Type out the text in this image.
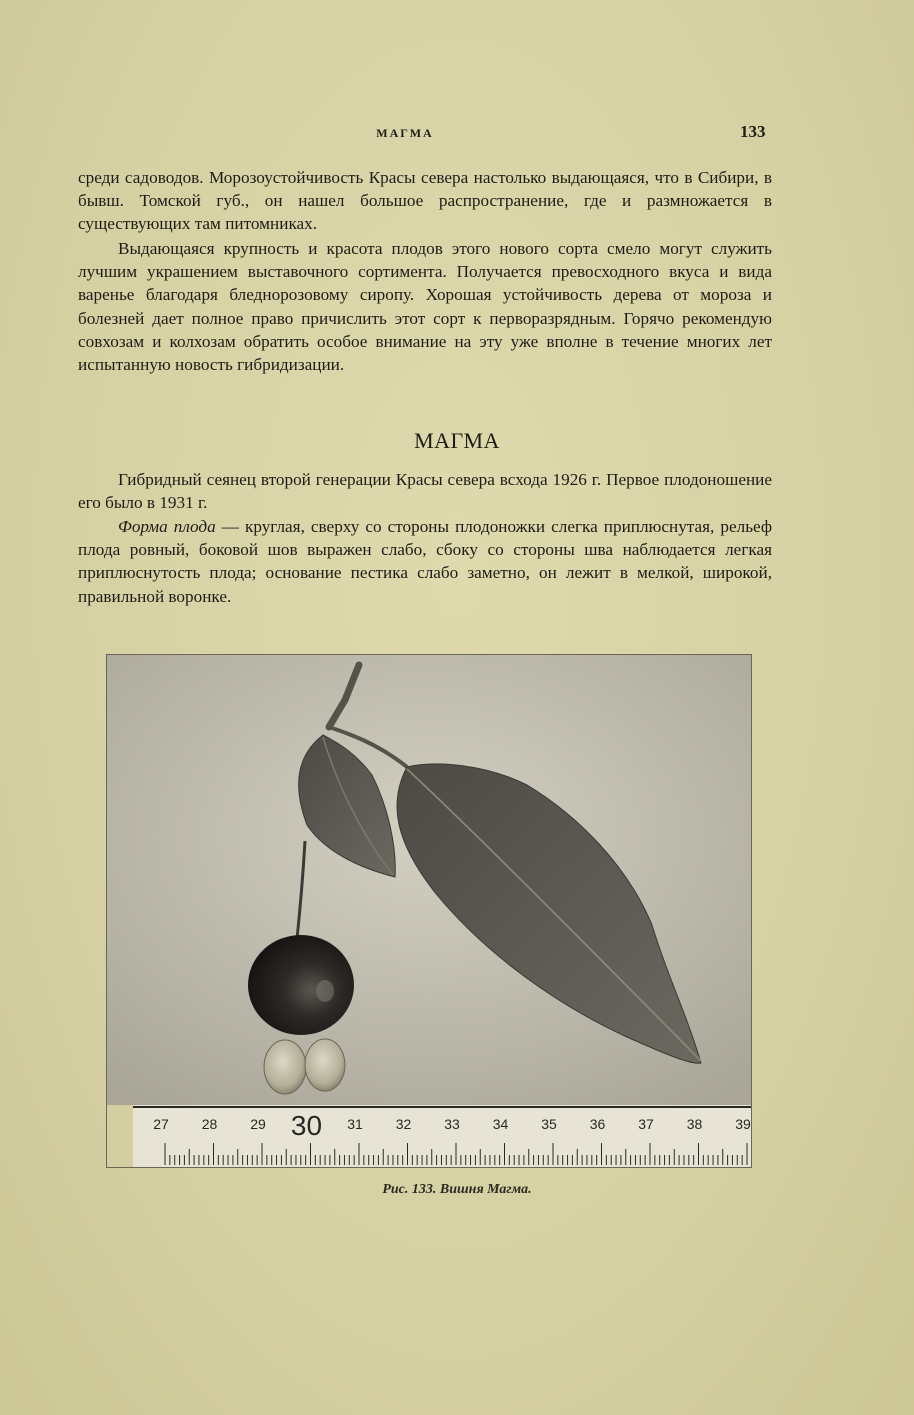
МАГМА	133

среди садоводов. Морозоустойчивость Красы севера настолько выдающаяся, что в Сибири, в бывш. Томской губ., он нашел большое распространение, где и размножается в существующих там питомниках.

Выдающаяся крупность и красота плодов этого нового сорта смело могут служить лучшим украшением выставочного сортимента. Получается превосходного вкуса и вида варенье благодаря бледнорозовому сиропу. Хорошая устойчивость дерева от мороза и болезней дает полное право причислить этот сорт к перворазрядным. Горячо рекомендую совхозам и колхозам обратить особое внимание на эту уже вполне в течение многих лет испытанную новость гибридизации.

МАГМА

Гибридный сеянец второй генерации Красы севера всхода 1926 г. Первое плодоношение его было в 1931 г.

Форма плода — круглая, сверху со стороны плодоножки слегка приплюснутая, рельеф плода ровный, боковой шов выражен слабо, сбоку со стороны шва наблюдается легкая приплюснутость плода; основание пестика слабо заметно, он лежит в мелкой, широкой, правильной воронке.

27 28 29 30 31 32 33 34 35 36 37 38 39
Рис. 133. Вишня Магма.
